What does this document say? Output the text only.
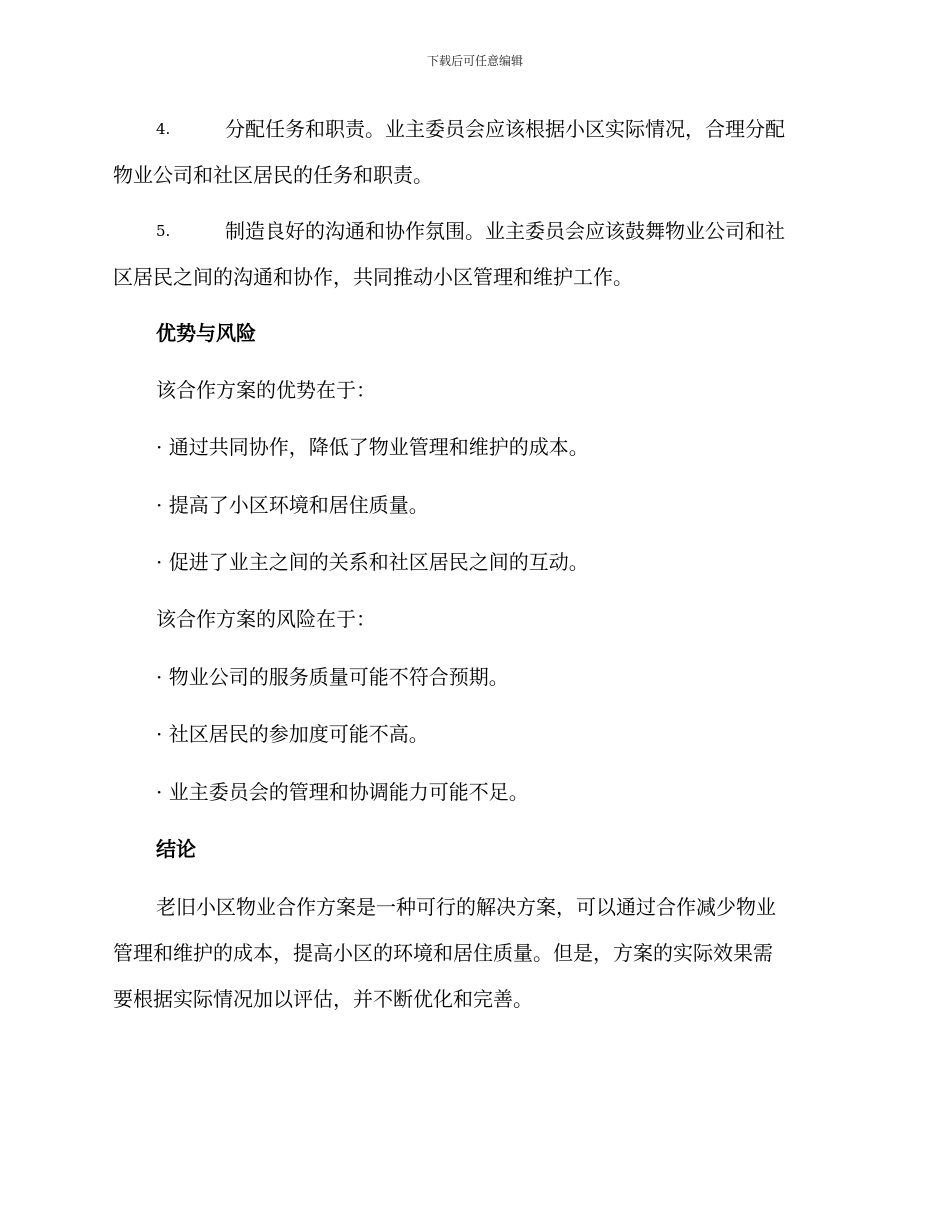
下载后可任意编辑
4.	分配任务和职责。业主委员会应该根据小区实际情况，合理分配
物业公司和社区居民的任务和职责。
5.	制造良好的沟通和协作氛围。业主委员会应该鼓舞物业公司和社
区居民之间的沟通和协作，共同推动小区管理和维护工作。
优势与风险
该合作方案的优势在于：
· 通过共同协作，降低了物业管理和维护的成本。
· 提高了小区环境和居住质量。
· 促进了业主之间的关系和社区居民之间的互动。
该合作方案的风险在于：
· 物业公司的服务质量可能不符合预期。
· 社区居民的参加度可能不高。
· 业主委员会的管理和协调能力可能不足。
结论
老旧小区物业合作方案是一种可行的解决方案，可以通过合作减少物业
管理和维护的成本，提高小区的环境和居住质量。但是，方案的实际效果需
要根据实际情况加以评估，并不断优化和完善。
